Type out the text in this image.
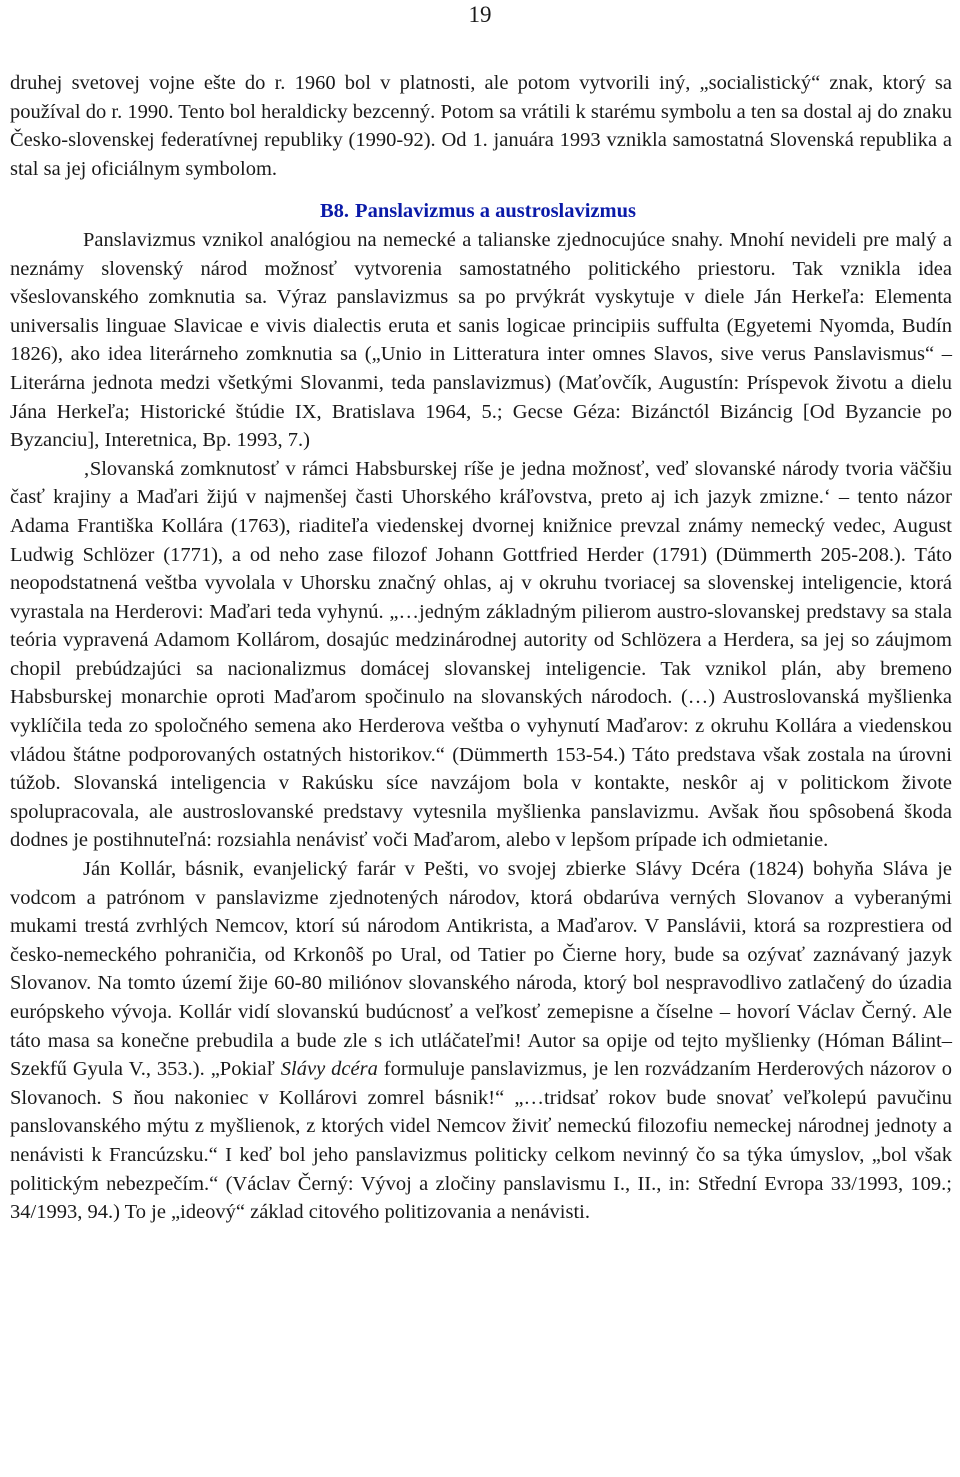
19

druhej svetovej vojne ešte do r. 1960 bol v platnosti, ale potom vytvorili iný, „socialistický“ znak, ktorý sa používal do r. 1990. Tento bol heraldicky bezcenný. Potom sa vrátili k starému symbolu a ten sa dostal aj do znaku Česko-slovenskej federatívnej republiky (1990-92). Od 1. januára 1993 vznikla samostatná Slovenská republika a stal sa jej oficiálnym symbolom.

B8. Panslavizmus a austroslavizmus

Panslavizmus vznikol analógiou na nemecké a talianske zjednocujúce snahy. Mnohí nevideli pre malý a neznámy slovenský národ možnosť vytvorenia samostatného politického priestoru. Tak vznikla idea všeslovanského zomknutia sa. Výraz panslavizmus sa po prvýkrát vyskytuje v diele Ján Herkeľa: Elementa universalis linguae Slavicae e vivis dialectis eruta et sanis logicae principiis suffulta (Egyetemi Nyomda, Budín 1826), ako idea literárneho zomknutia sa („Unio in Litteratura inter omnes Slavos, sive verus Panslavismus“ – Literárna jednota medzi všetkými Slovanmi, teda panslavizmus) (Maťovčík, Augustín: Príspevok životu a dielu Jána Herkeľa; Historické štúdie IX, Bratislava 1964, 5.; Gecse Géza: Bizánctól Bizáncig [Od Byzancie po Byzanciu], Interetnica, Bp. 1993, 7.)

‚Slovanská zomknutosť v rámci Habsburskej ríše je jedna možnosť, veď slovanské národy tvoria väčšiu časť krajiny a Maďari žijú v najmenšej časti Uhorského kráľovstva, preto aj ich jazyk zmizne.‘ – tento názor Adama Františka Kollára (1763), riaditeľa viedenskej dvornej knižnice prevzal známy nemecký vedec, August Ludwig Schlözer (1771), a od neho zase filozof Johann Gottfried Herder (1791) (Dümmerth 205-208.). Táto neopodstatnená veštba vyvolala v Uhorsku značný ohlas, aj v okruhu tvoriacej sa slovenskej inteligencie, ktorá vyrastala na Herderovi: Maďari teda vyhynú. „…jedným základným pilierom austro-slovanskej predstavy sa stala teória vypravená Adamom Kollárom, dosajúc medzinárodnej autority od Schlözera a Herdera, sa jej so záujmom chopil prebúdzajúci sa nacionalizmus domácej slovanskej inteligencie. Tak vznikol plán, aby bremeno Habsburskej monarchie oproti Maďarom spočinulo na slovanských národoch. (…) Austroslovanská myšlienka vyklíčila teda zo spoločného semena ako Herderova veštba o vyhynutí Maďarov: z okruhu Kollára a viedenskou vládou štátne podporovaných ostatných historikov.“ (Dümmerth 153-54.) Táto predstava však zostala na úrovni túžob. Slovanská inteligencia v Rakúsku síce navzájom bola v kontakte, neskôr aj v politickom živote spolupracovala, ale austroslovanské predstavy vytesnila myšlienka panslavizmu. Avšak ňou spôsobená škoda dodnes je postihnuteľná: rozsiahla nenávisť voči Maďarom, alebo v lepšom prípade ich odmietanie.

Ján Kollár, básnik, evanjelický farár v Pešti, vo svojej zbierke Slávy Dcéra (1824) bohyňa Sláva je vodcom a patrónom v panslavizme zjednotených národov, ktorá obdarúva verných Slovanov a vyberanými mukami trestá zvrhlých Nemcov, ktorí sú národom Antikrista, a Maďarov. V Panslávii, ktorá sa rozprestiera od česko-nemeckého pohraničia, od Krkonôš po Ural, od Tatier po Čierne hory, bude sa ozývať zaznávaný jazyk Slovanov. Na tomto území žije 60-80 miliónov slovanského národa, ktorý bol nespravodlivo zatlačený do úzadia európskeho vývoja. Kollár vidí slovanskú budúcnosť a veľkosť zemepisne a číselne – hovorí Václav Černý. Ale táto masa sa konečne prebudila a bude zle s ich utláčateľmi! Autor sa opije od tejto myšlienky (Hóman Bálint–Szekfű Gyula V., 353.). „Pokiaľ Slávy dcéra formuluje panslavizmus, je len rozvádzaním Herderových názorov o Slovanoch. S ňou nakoniec v Kollárovi zomrel básnik!“ „…tridsať rokov bude snovať veľkolepú pavučinu panslovanského mýtu z myšlienok, z ktorých videl Nemcov živiť nemeckú filozofiu nemeckej národnej jednoty a nenávisti k Francúzsku.“ I keď bol jeho panslavizmus politicky celkom nevinný čo sa týka úmyslov, „bol však politickým nebezpečím.“ (Václav Černý: Vývoj a zločiny panslavismu I., II., in: Střední Evropa 33/1993, 109.; 34/1993, 94.) To je „ideový“ základ citového politizovania a nenávisti.
